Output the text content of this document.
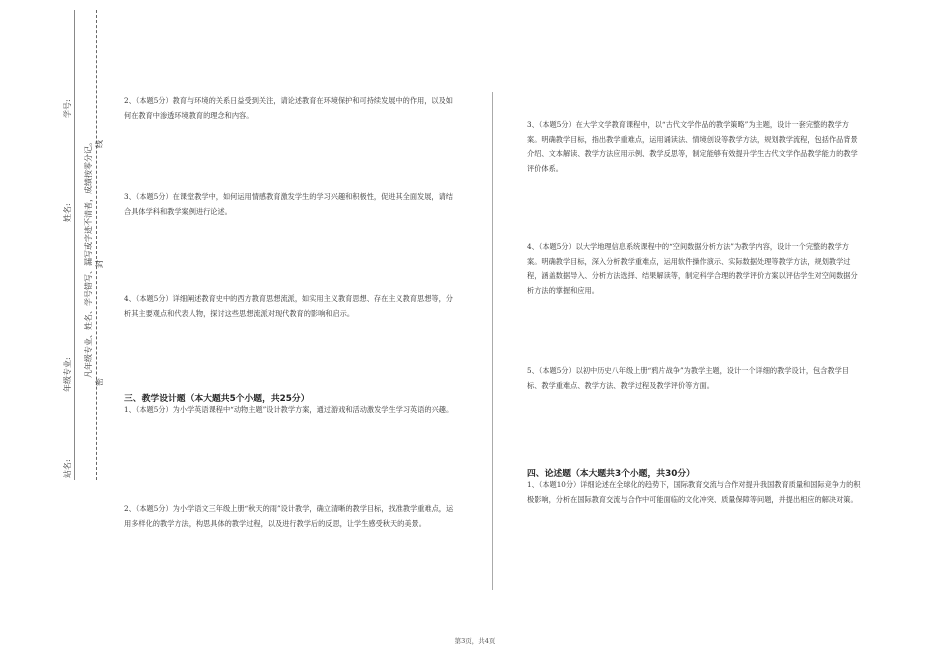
学号:
姓名:
年级专业:
站名:
凡年级专业、姓名、学号错写、漏写或字迹不清者，成绩按零分记。 线
封
密
2、（本题5分）教育与环境的关系日益受到关注，请论述教育在环境保护和可持续发展中的作用，以及如何在教育中渗透环境教育的理念和内容。
3、（本题5分）在课堂教学中，如何运用情感教育激发学生的学习兴趣和积极性，促进其全面发展，请结合具体学科和教学案例进行论述。
4、（本题5分）详细阐述教育史中的西方教育思想流派，如实用主义教育思想、存在主义教育思想等，分析其主要观点和代表人物，探讨这些思想流派对现代教育的影响和启示。
三、教学设计题（本大题共5个小题，共25分）
1、（本题5分）为小学英语课程中“动物主题”设计教学方案，通过游戏和活动激发学生学习英语的兴趣。
2、（本题5分）为小学语文三年级上册“秋天的雨”设计教学，确立清晰的教学目标，找准教学重难点，运用多样化的教学方法，构思具体的教学过程，以及进行教学后的反思，让学生感受秋天的美景。
3、（本题5分）在大学文学教育课程中，以“古代文学作品的教学策略”为主题，设计一套完整的教学方案。明确教学目标，指出教学重难点，运用诵读法、情境创设等教学方法，规划教学流程，包括作品背景介绍、文本解读、教学方法应用示例、教学反思等，制定能够有效提升学生古代文学作品教学能力的教学评价体系。
4、（本题5分）以大学地理信息系统课程中的“空间数据分析方法”为教学内容，设计一个完整的教学方案。明确教学目标，深入分析教学重难点，运用软件操作演示、实际数据处理等教学方法，规划教学过程，涵盖数据导入、分析方法选择、结果解读等，制定科学合理的教学评价方案以评估学生对空间数据分析方法的掌握和应用。
5、（本题5分）以初中历史八年级上册“鸦片战争”为教学主题，设计一个详细的教学设计，包含教学目标、教学重难点、教学方法、教学过程及教学评价等方面。
四、论述题（本大题共3个小题，共30分）
1、（本题10分）详细论述在全球化的趋势下，国际教育交流与合作对提升我国教育质量和国际竞争力的积极影响，分析在国际教育交流与合作中可能面临的文化冲突、质量保障等问题，并提出相应的解决对策。
第3页，共4页
